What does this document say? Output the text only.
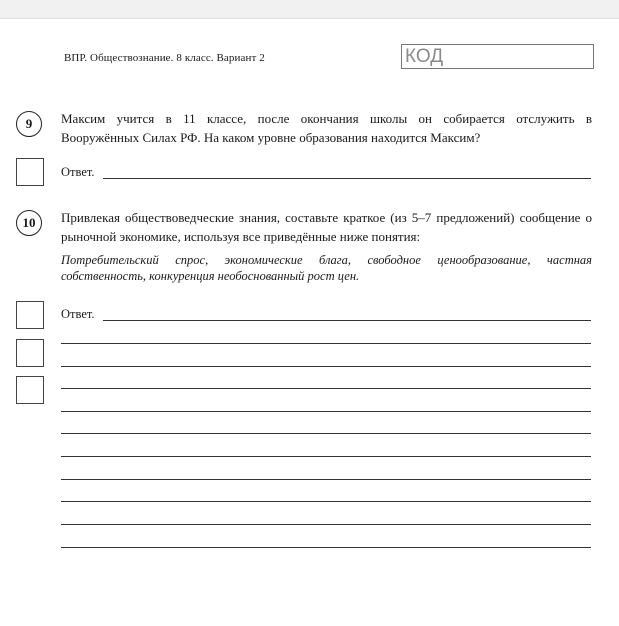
ВПР. Обществознание. 8 класс. Вариант 2	КОД
9	Максим учится в 11 классе, после окончания школы он собирается отслужить в
Вооружённых Силах РФ. На каком уровне образования находится Максим?
Ответ.
10	Привлекая обществоведческие знания, составьте краткое (из 5–7 предложений) сообщение о
рыночной экономике, используя все приведённые ниже понятия:
Потребительский спрос, экономические блага, свободное ценообразование, частная
собственность, конкуренция необоснованный рост цен.
Ответ.
